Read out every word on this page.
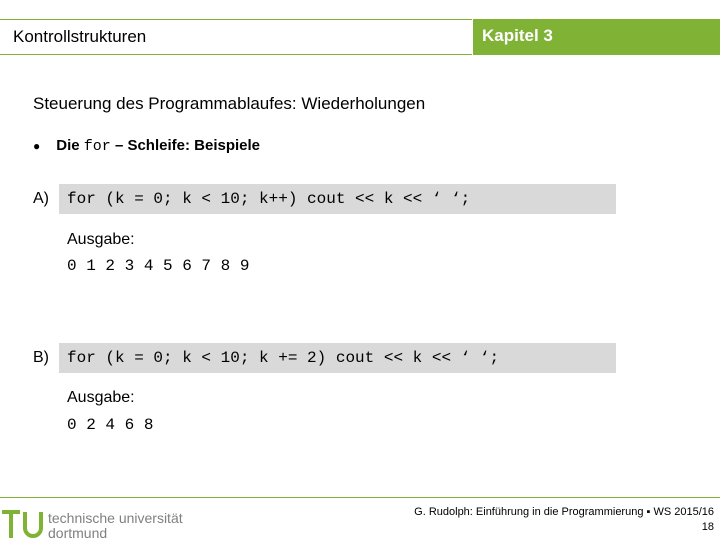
Kontrollstrukturen	Kapitel 3
Steuerung des Programmablaufes: Wiederholungen
● Die for – Schleife: Beispiele
A)	for (k = 0; k < 10; k++) cout << k << ‘ ‘;
Ausgabe:
0 1 2 3 4 5 6 7 8 9
B)	for (k = 0; k < 10; k += 2) cout << k << ‘ ‘;
Ausgabe:
0 2 4 6 8
technische universität
dortmund
G. Rudolph: Einführung in die Programmierung ▪ WS 2015/16
18
